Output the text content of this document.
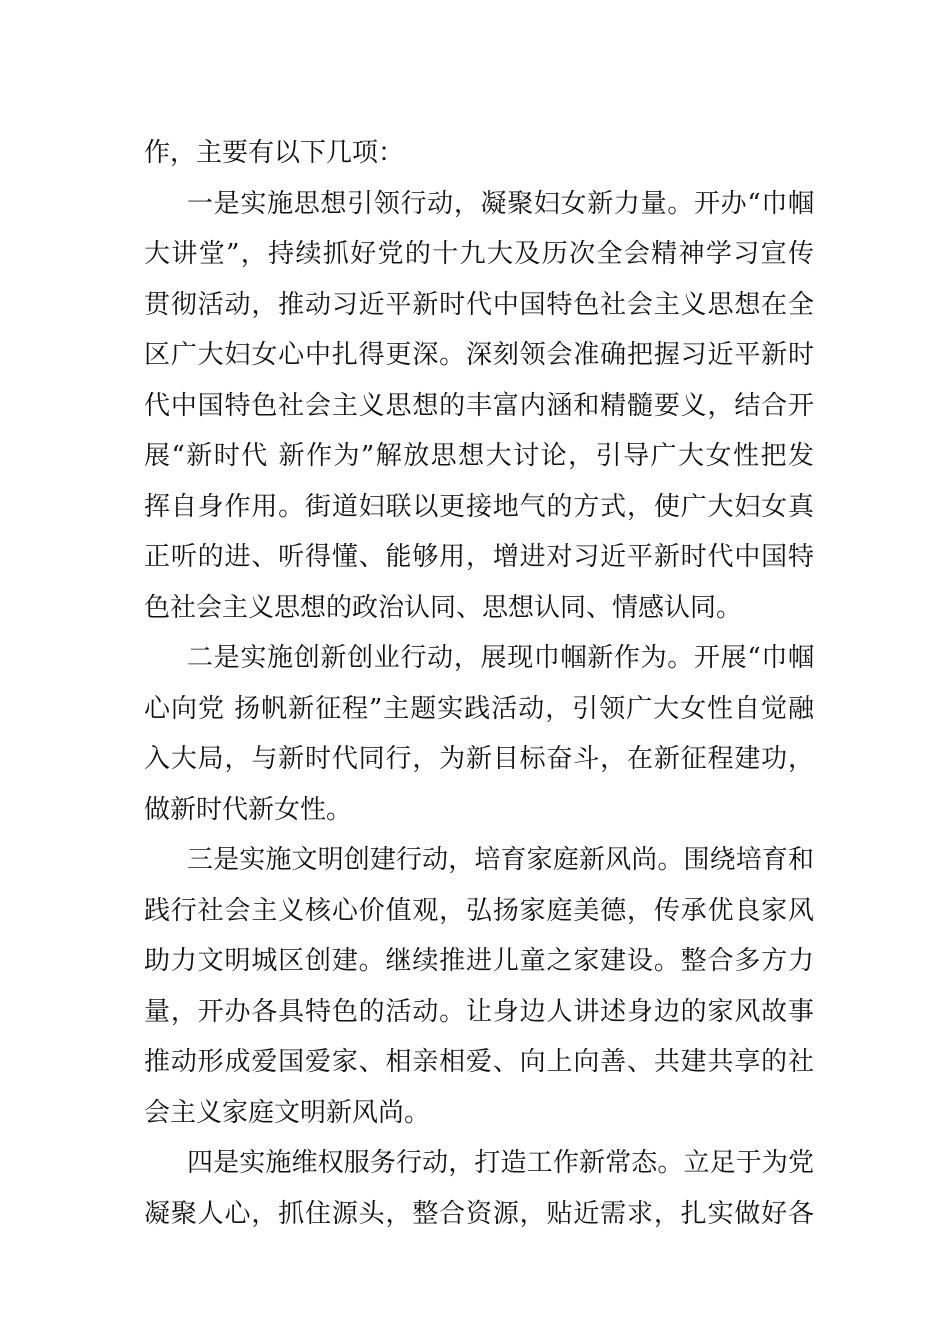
作，主要有以下几项：
一是实施思想引领行动，凝聚妇女新力量。开办“巾帼
大讲堂”，持续抓好党的十九大及历次全会精神学习宣传
贯彻活动，推动习近平新时代中国特色社会主义思想在全
区广大妇女心中扎得更深。深刻领会准确把握习近平新时
代中国特色社会主义思想的丰富内涵和精髓要义，结合开
展“新时代 新作为”解放思想大讨论，引导广大女性把发
挥自身作用。街道妇联以更接地气的方式，使广大妇女真
正听的进、听得懂、能够用，增进对习近平新时代中国特
色社会主义思想的政治认同、思想认同、情感认同。
二是实施创新创业行动，展现巾帼新作为。开展“巾帼
心向党 扬帆新征程”主题实践活动，引领广大女性自觉融
入大局，与新时代同行，为新目标奋斗，在新征程建功，
做新时代新女性。
三是实施文明创建行动，培育家庭新风尚。围绕培育和
践行社会主义核心价值观，弘扬家庭美德，传承优良家风
助力文明城区创建。继续推进儿童之家建设。整合多方力
量，开办各具特色的活动。让身边人讲述身边的家风故事
推动形成爱国爱家、相亲相爱、向上向善、共建共享的社
会主义家庭文明新风尚。
四是实施维权服务行动，打造工作新常态。立足于为党
凝聚人心，抓住源头，整合资源，贴近需求，扎实做好各
